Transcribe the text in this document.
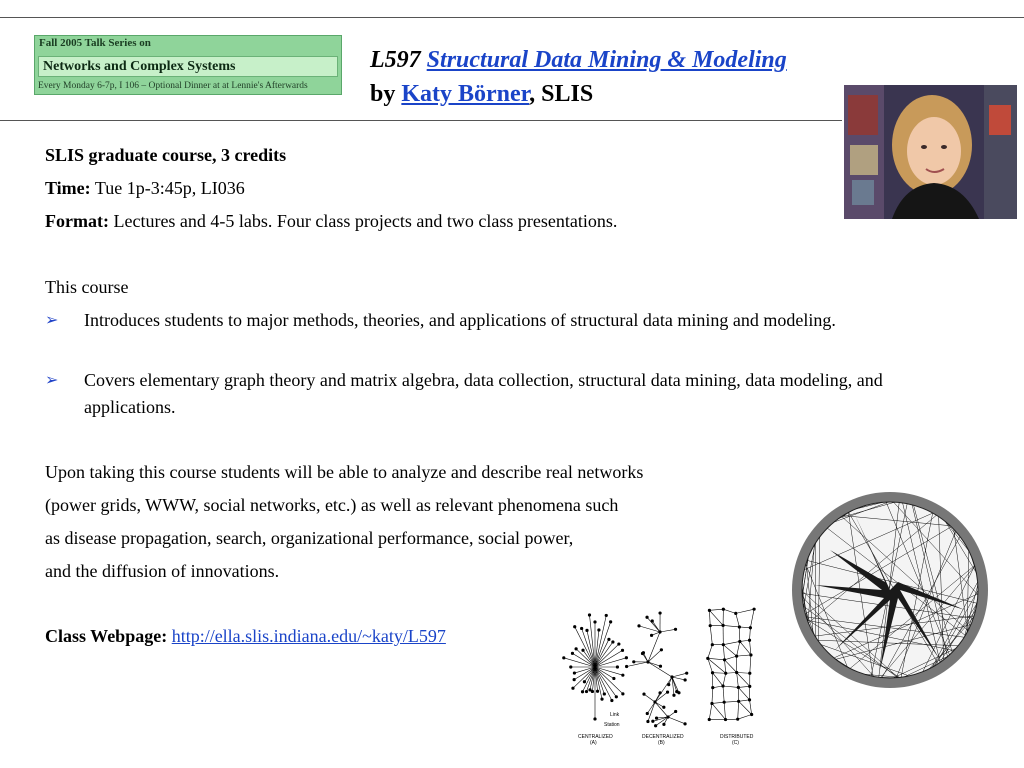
Fall 2005 Talk Series on
Networks and Complex Systems
Every Monday 6-7p, I 106 – Optional Dinner at at Lennie's Afterwards
L597 Structural Data Mining & Modeling
by Katy Börner, SLIS
SLIS graduate course, 3 credits
Time: Tue 1p-3:45p, LI036
Format: Lectures and 4-5 labs. Four class projects and two class presentations.
This course
➢ Introduces students to major methods, theories, and applications of structural data mining and modeling.
➢ Covers elementary graph theory and matrix algebra, data collection, structural data mining, data modeling, and applications.
Upon taking this course students will be able to analyze and describe real networks
(power grids, WWW, social networks, etc.) as well as relevant phenomena such
as disease propagation, search, organizational performance, social power,
and the diffusion of innovations.
Class Webpage: http://ella.slis.indiana.edu/~katy/L597
CENTRALIZED
(A)
DECENTRALIZED
(B)
DISTRIBUTED
(C)
Link
Station
